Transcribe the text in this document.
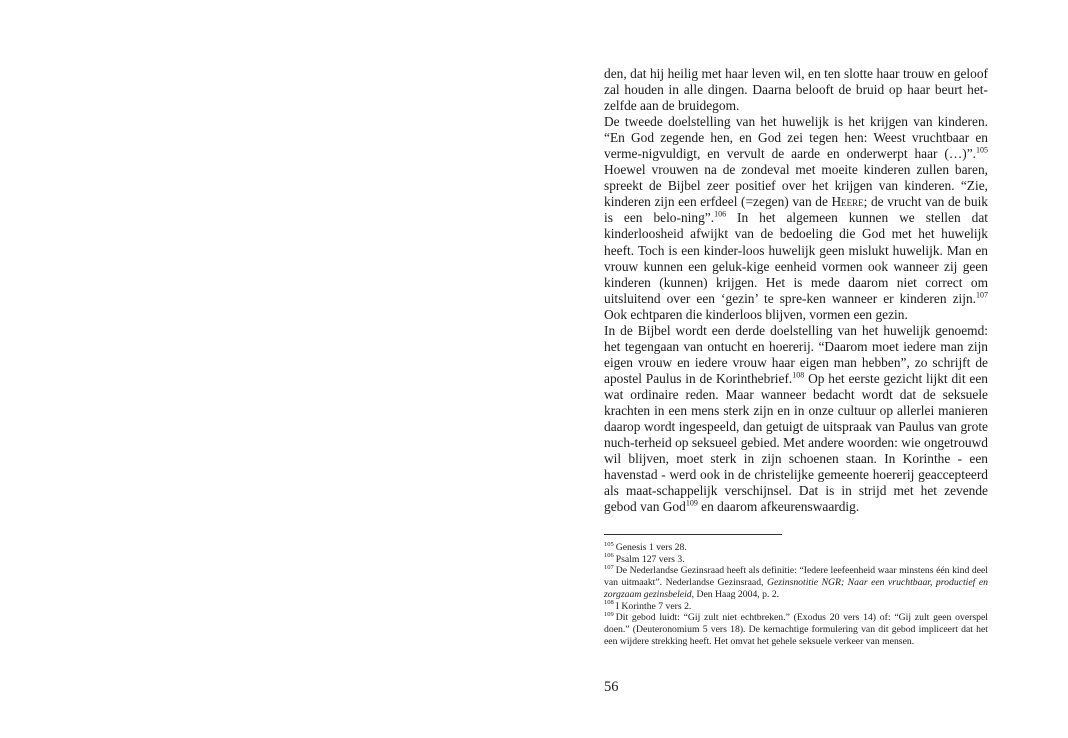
den, dat hij heilig met haar leven wil, en ten slotte haar trouw en geloof zal houden in alle dingen. Daarna belooft de bruid op haar beurt het-zelfde aan de bruidegom.

De tweede doelstelling van het huwelijk is het krijgen van kinderen. “En God zegende hen, en God zei tegen hen: Weest vruchtbaar en verme-nigvuldigt, en vervult de aarde en onderwerpt haar (…)”.$^{105}$ Hoewel vrouwen na de zondeval met moeite kinderen zullen baren, spreekt de Bijbel zeer positief over het krijgen van kinderen. “Zie, kinderen zijn een erfdeel (=zegen) van de Heere; de vrucht van de buik is een belo-ning”.$^{106}$ In het algemeen kunnen we stellen dat kinderloosheid afwijkt van de bedoeling die God met het huwelijk heeft. Toch is een kinder-loos huwelijk geen mislukt huwelijk. Man en vrouw kunnen een geluk-kige eenheid vormen ook wanneer zij geen kinderen (kunnen) krijgen. Het is mede daarom niet correct om uitsluitend over een ‘gezin’ te spre-ken wanneer er kinderen zijn.$^{107}$ Ook echtparen die kinderloos blijven, vormen een gezin.

In de Bijbel wordt een derde doelstelling van het huwelijk genoemd: het tegengaan van ontucht en hoererij. “Daarom moet iedere man zijn eigen vrouw en iedere vrouw haar eigen man hebben”, zo schrijft de apostel Paulus in de Korinthebrief.$^{108}$ Op het eerste gezicht lijkt dit een wat ordinaire reden. Maar wanneer bedacht wordt dat de seksuele krachten in een mens sterk zijn en in onze cultuur op allerlei manieren daarop wordt ingespeeld, dan getuigt de uitspraak van Paulus van grote nuch-terheid op seksueel gebied. Met andere woorden: wie ongetrouwd wil blijven, moet sterk in zijn schoenen staan. In Korinthe - een havenstad - werd ook in de christelijke gemeente hoererij geaccepteerd als maat-schappelijk verschijnsel. Dat is in strijd met het zevende gebod van God$^{109}$ en daarom afkeurenswaardig.

$^{105}$ Genesis 1 vers 28.

$^{106}$ Psalm 127 vers 3.

$^{107}$ De Nederlandse Gezinsraad heeft als definitie: “Iedere leefeenheid waar minstens één kind deel van uitmaakt”. Nederlandse Gezinsraad, Gezinsnotitie NGR; Naar een vruchtbaar, productief en zorgzaam gezinsbeleid, Den Haag 2004, p. 2.

$^{108}$ I Korinthe 7 vers 2.

$^{109}$ Dit gebod luidt: “Gij zult niet echtbreken.” (Exodus 20 vers 14) of: “Gij zult geen overspel doen.” (Deuteronomium 5 vers 18). De kernachtige formulering van dit gebod impliceert dat het een wijdere strekking heeft. Het omvat het gehele seksuele verkeer van mensen.

56
